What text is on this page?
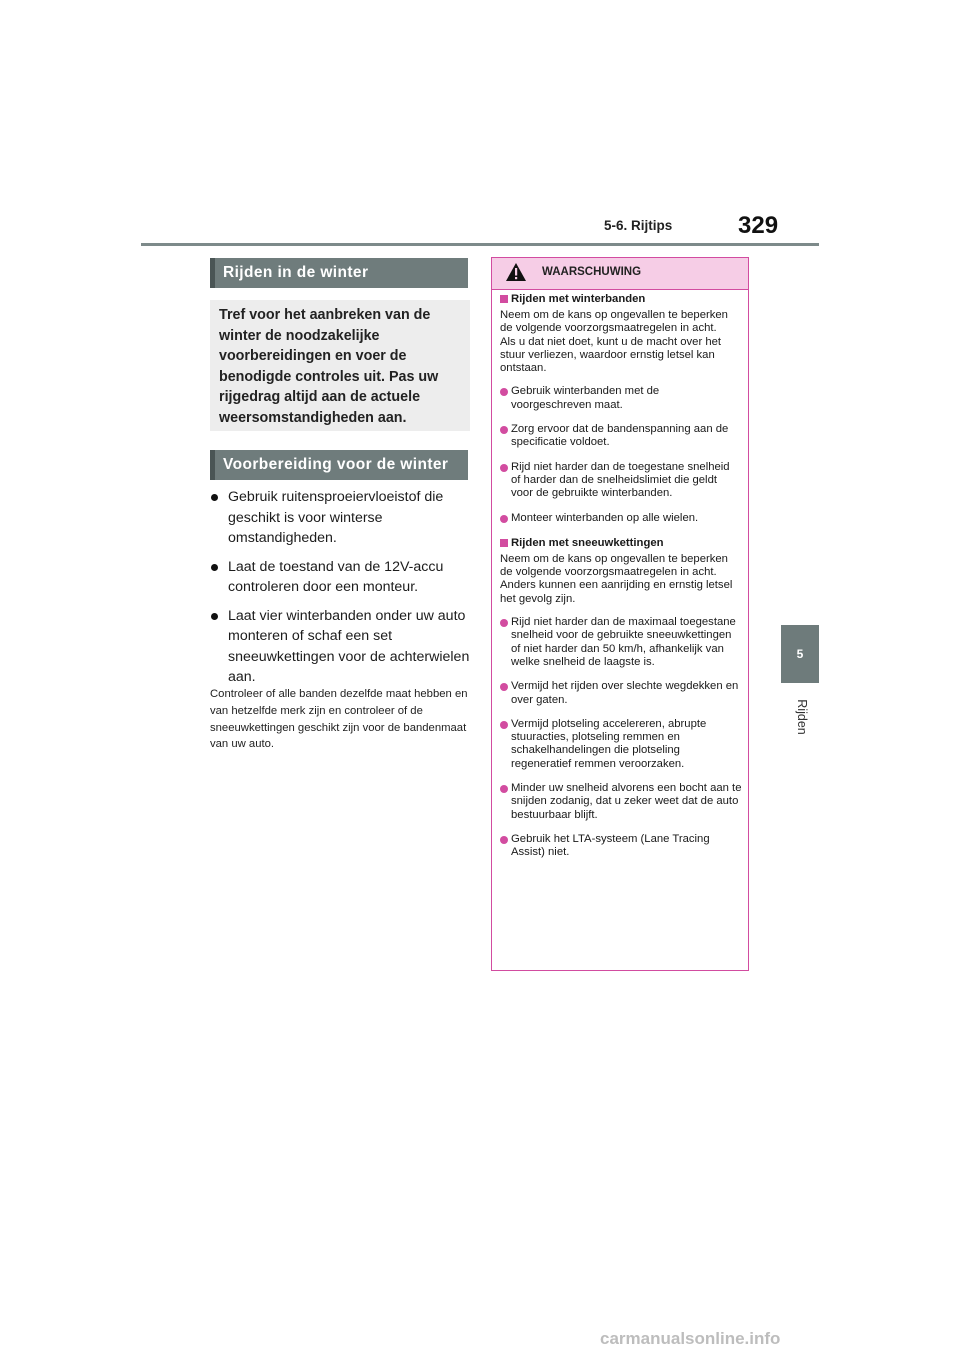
5-6. Rijtips	329
5
Rijden
Rijden in de winter
Tref voor het aanbreken van de winter de noodzakelijke voorbereidingen en voer de benodigde controles uit. Pas uw rijgedrag altijd aan de actuele weersomstandigheden aan.
Voorbereiding voor de winter
Gebruik ruitensproeiervloeistof die geschikt is voor winterse omstandigheden.
Laat de toestand van de 12V-accu controleren door een monteur.
Laat vier winterbanden onder uw auto monteren of schaf een set sneeuwkettingen voor de achterwielen aan.
Controleer of alle banden dezelfde maat hebben en van hetzelfde merk zijn en controleer of de sneeuwkettingen geschikt zijn voor de bandenmaat van uw auto.
WAARSCHUWING
Rijden met winterbanden
Neem om de kans op ongevallen te beperken de volgende voorzorgsmaatregelen in acht.
Als u dat niet doet, kunt u de macht over het stuur verliezen, waardoor ernstig letsel kan ontstaan.
Gebruik winterbanden met de voorgeschreven maat.
Zorg ervoor dat de bandenspanning aan de specificatie voldoet.
Rijd niet harder dan de toegestane snelheid of harder dan de snelheidslimiet die geldt voor de gebruikte winterbanden.
Monteer winterbanden op alle wielen.
Rijden met sneeuwkettingen
Neem om de kans op ongevallen te beperken de volgende voorzorgsmaatregelen in acht.
Anders kunnen een aanrijding en ernstig letsel het gevolg zijn.
Rijd niet harder dan de maximaal toegestane snelheid voor de gebruikte sneeuwkettingen of niet harder dan 50 km/h, afhankelijk van welke snelheid de laagste is.
Vermijd het rijden over slechte wegdekken en over gaten.
Vermijd plotseling accelereren, abrupte stuuracties, plotseling remmen en schakelhandelingen die plotseling regeneratief remmen veroorzaken.
Minder uw snelheid alvorens een bocht aan te snijden zodanig, dat u zeker weet dat de auto bestuurbaar blijft.
Gebruik het LTA-systeem (Lane Tracing Assist) niet.
carmanualsonline.info
